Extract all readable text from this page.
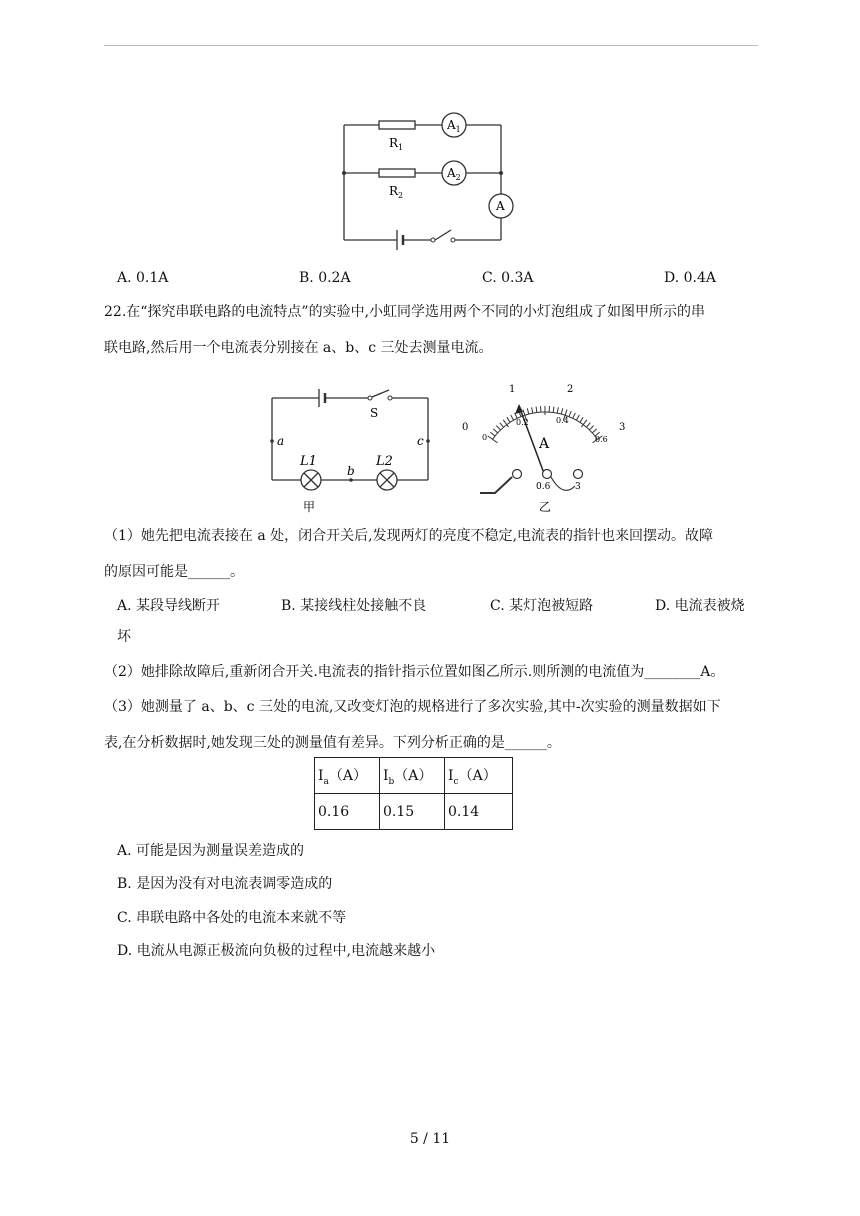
$R_1$
$R_2$
$A_1$
$A_2$
A
A. 0.1A	B. 0.2A	C. 0.3A	D. 0.4A
22.在“探究串联电路的电流特点”的实验中,小虹同学选用两个不同的小灯泡组成了如图甲所示的串
联电路,然后用一个电流表分别接在 a、b、c 三处去测量电流。
S
a
b
c
L1	L2
甲
0
1	2
3
0
0.2	0.4
0.6
A
0.6	3
乙
（1）她先把电流表接在 a 处，闭合开关后,发现两灯的亮度不稳定,电流表的指针也来回摆动。故障
的原因可能是______。
A. 某段导线断开	B. 某接线柱处接触不良	C. 某灯泡被短路	D. 电流表被烧
坏
（2）她排除故障后,重新闭合开关.电流表的指针指示位置如图乙所示.则所测的电流值为________A。
（3）她测量了 a、b、c 三处的电流,又改变灯泡的规格进行了多次实验,其中-次实验的测量数据如下
表,在分析数据时,她发现三处的测量值有差异。下列分析正确的是______。
$I_a(A)$	$I_b(A)$	$I_c(A)$
0.16	0.15	0.14
A. 可能是因为测量误差造成的
B. 是因为没有对电流表调零造成的
C. 串联电路中各处的电流本来就不等
D. 电流从电源正极流向负极的过程中,电流越来越小
5 / 11
